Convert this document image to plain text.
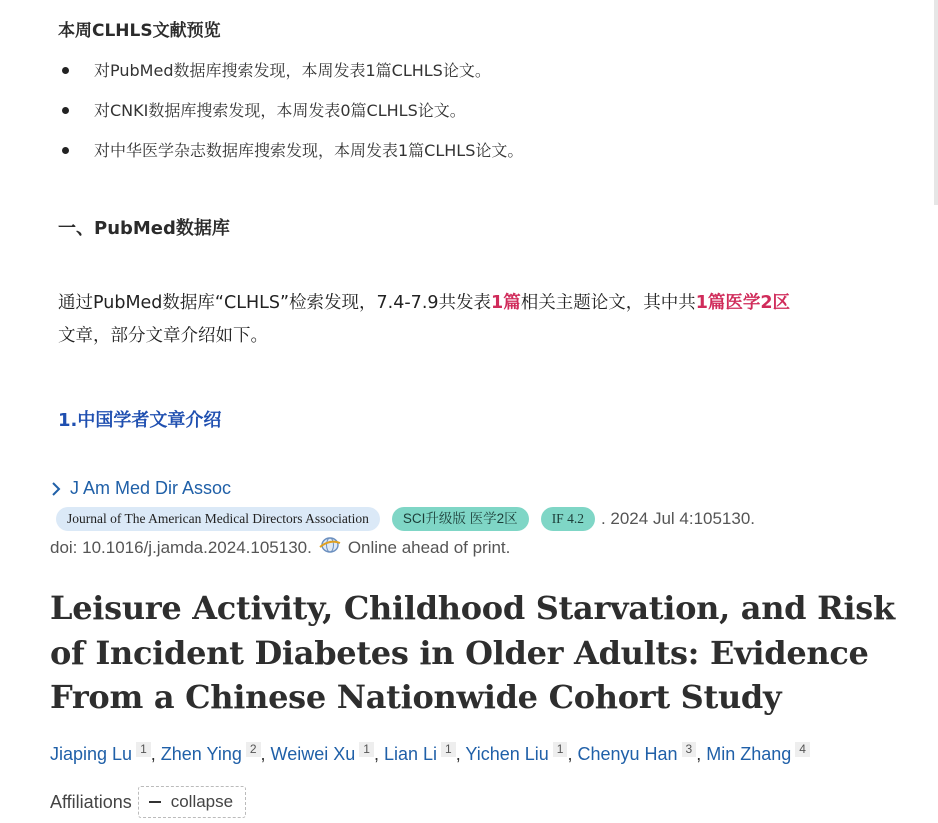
本周CLHLS文献预览
对PubMed数据库搜索发现，本周发表1篇CLHLS论文。
对CNKI数据库搜索发现，本周发表0篇CLHLS论文。
对中华医学杂志数据库搜索发现，本周发表1篇CLHLS论文。
一、PubMed数据库
通过PubMed数据库“CLHLS”检索发现，7.4-7.9共发表1篇相关主题论文，其中共1篇医学2区
文章，部分文章介绍如下。
1.中国学者文章介绍
J Am Med Dir Assoc
Journal of The American Medical Directors Association	SCI升级版 医学2区	IF 4.2	. 2024 Jul 4:105130.
doi: 10.1016/j.jamda.2024.105130. Online ahead of print.
Leisure Activity, Childhood Starvation, and Risk of Incident Diabetes in Older Adults: Evidence From a Chinese Nationwide Cohort Study
Jiaping Lu 1 , Zhen Ying 2 , Weiwei Xu 1 , Lian Li 1 , Yichen Liu 1 , Chenyu Han 3 , Min Zhang 4
Affiliations collapse
